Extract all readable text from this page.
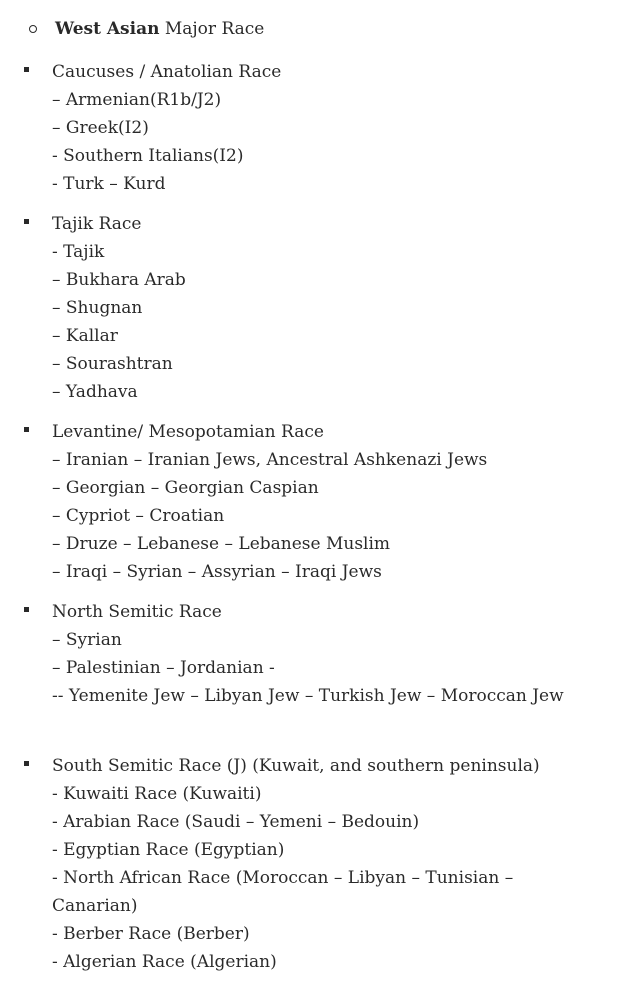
West Asian Major Race
Caucuses / Anatolian Race
– Armenian(R1b/J2)
– Greek(I2)
- Southern Italians(I2)
- Turk – Kurd
Tajik Race
- Tajik
– Bukhara Arab
– Shugnan
– Kallar
– Sourashtran
– Yadhava
Levantine/ Mesopotamian Race
– Iranian – Iranian Jews, Ancestral Ashkenazi Jews
– Georgian – Georgian Caspian
– Cypriot – Croatian
– Druze – Lebanese – Lebanese Muslim
– Iraqi – Syrian – Assyrian – Iraqi Jews
North Semitic Race
– Syrian
– Palestinian – Jordanian -
-- Yemenite Jew – Libyan Jew – Turkish Jew – Moroccan Jew
South Semitic Race (J) (Kuwait, and southern peninsula)
- Kuwaiti Race (Kuwaiti)
- Arabian Race (Saudi – Yemeni – Bedouin)
- Egyptian Race (Egyptian)
- North African Race (Moroccan – Libyan – Tunisian – Canarian)
- Berber Race (Berber)
- Algerian Race (Algerian)
